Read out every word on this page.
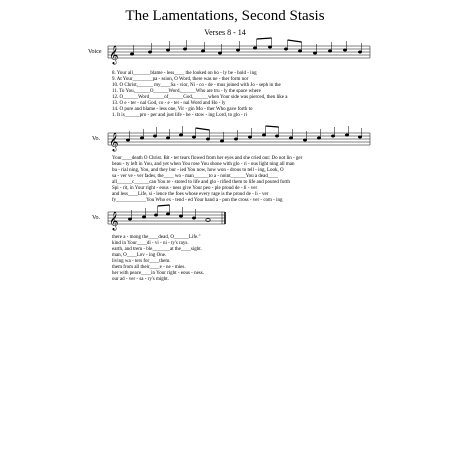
The Lamentations, Second Stasis
Verses 8 - 14
𝄞
𝄞
𝄞
Voice
Vo.
Vo.
8. Your all_______blame - less____ the looked on ho - ly be - hold - ing
9. At Your________pa - ssion, O Word, there was ne - ther form nor
10. O Christ,______ my____Sa - vior, Ni - co - de - mus joined with Jo - seph in the
11. To You,______O______Word,______Who are tru - ly the space where
12. O______Word______of______God,______when Your side was pierced, then like a
13. O e - ter - nal God, co - e - ter - nal Word and Ho - ly
14. O pure and blame - less one, Vir - gin Mo - ther Who gave forth to
1. It is______pro - per and just life - be - stow - ing Lord, to glo - ri
Your____death O Christ. Bit - ter tears flowed from her eyes and she cried out: Do not lin - ger
beau - ty left in You, and yet when You rose You shone with glo - ri - ous light ning all man
bu - rial ning, You, and they bur - ied You now, how won - drous to tell - ing, Look, O
sa - ver ve - ver fades, the____ wo - man______to a - noint______You a dead____
all______c______can You re - stored to life and glo - rified them to life and poured forth
Spi - rit, in Your right - eous - ness give Your peo - ple proud de - li - ver
and less____Life, si - lence the foes whose every rage is the proud de - li - ver
fy____________You Who ex - tend - ed Your hand a - pon the cross - ver - com - ing
there a - mong the____dead, O______Life."
kind in Your____di - vi - ni - ty's rays.
earth, and trem - ble_______at the____sight.
man, O____Lov - ing One.
living wa - ters for____them.
them from all their____e - ne - mies.
her with peace____in Your right - eous - ness.
our ad - ver - sa - ry's might.
